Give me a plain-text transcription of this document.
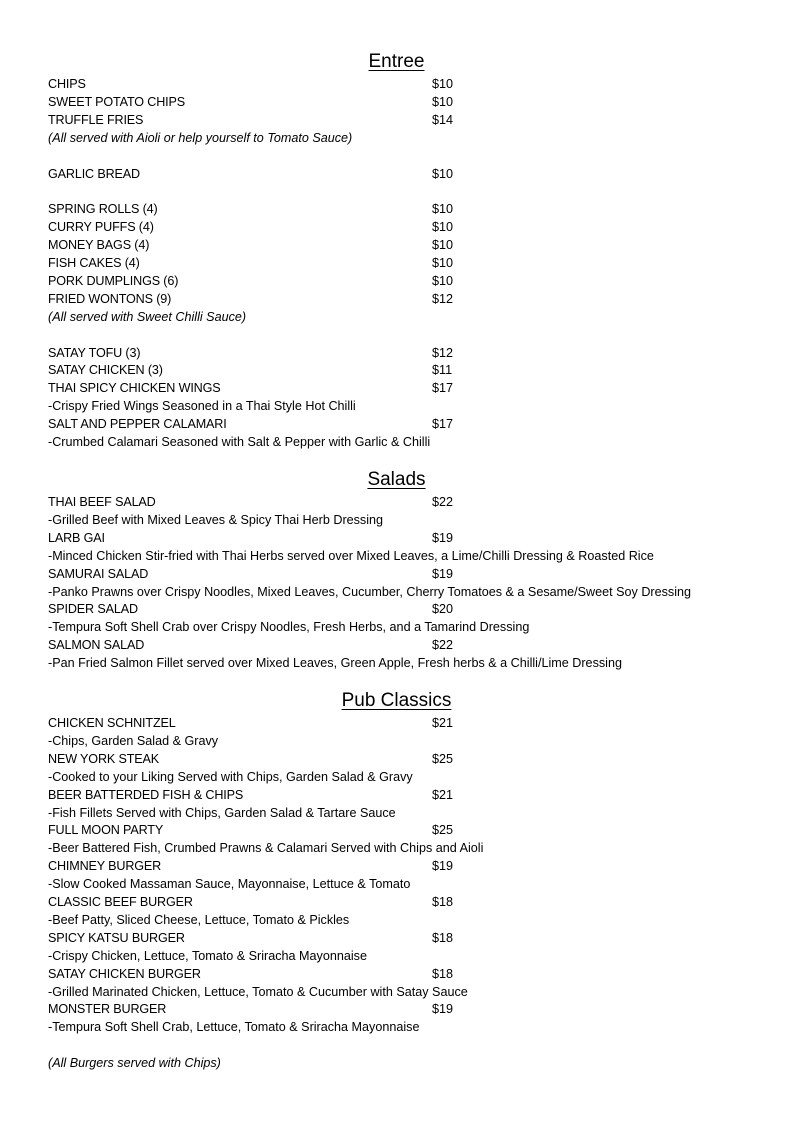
Entree
CHIPS	$10
SWEET POTATO CHIPS	$10
TRUFFLE FRIES	$14
(All served with Aioli or help yourself to Tomato Sauce)
GARLIC BREAD	$10
SPRING ROLLS (4)	$10
CURRY PUFFS (4)	$10
MONEY BAGS (4)	$10
FISH CAKES (4)	$10
PORK DUMPLINGS (6)	$10
FRIED WONTONS (9)	$12
(All served with Sweet Chilli Sauce)
SATAY TOFU (3)	$12
SATAY CHICKEN (3)	$11
THAI SPICY CHICKEN WINGS	$17
-Crispy Fried Wings Seasoned in a Thai Style Hot Chilli
SALT AND PEPPER CALAMARI	$17
-Crumbed Calamari Seasoned with Salt & Pepper with Garlic & Chilli
Salads
THAI BEEF SALAD	$22
-Grilled Beef with Mixed Leaves & Spicy Thai Herb Dressing
LARB GAI	$19
-Minced Chicken Stir-fried with Thai Herbs served over Mixed Leaves, a Lime/Chilli Dressing & Roasted Rice
SAMURAI SALAD	$19
-Panko Prawns over Crispy Noodles, Mixed Leaves, Cucumber, Cherry Tomatoes & a Sesame/Sweet Soy Dressing
SPIDER SALAD	$20
-Tempura Soft Shell Crab over Crispy Noodles, Fresh Herbs, and a Tamarind Dressing
SALMON SALAD	$22
-Pan Fried Salmon Fillet served over Mixed Leaves, Green Apple, Fresh herbs & a Chilli/Lime Dressing
Pub Classics
CHICKEN SCHNITZEL	$21
-Chips, Garden Salad & Gravy
NEW YORK STEAK	$25
-Cooked to your Liking Served with Chips, Garden Salad & Gravy
BEER BATTERDED FISH & CHIPS	$21
-Fish Fillets Served with Chips, Garden Salad & Tartare Sauce
FULL MOON PARTY	$25
-Beer Battered Fish, Crumbed Prawns & Calamari Served with Chips and Aioli
CHIMNEY BURGER	$19
-Slow Cooked Massaman Sauce, Mayonnaise, Lettuce & Tomato
CLASSIC BEEF BURGER	$18
-Beef Patty, Sliced Cheese, Lettuce, Tomato & Pickles
SPICY KATSU BURGER	$18
-Crispy Chicken, Lettuce, Tomato & Sriracha Mayonnaise
SATAY CHICKEN BURGER	$18
-Grilled Marinated Chicken, Lettuce, Tomato & Cucumber with Satay Sauce
MONSTER BURGER	$19
-Tempura Soft Shell Crab, Lettuce, Tomato & Sriracha Mayonnaise
(All Burgers served with Chips)
